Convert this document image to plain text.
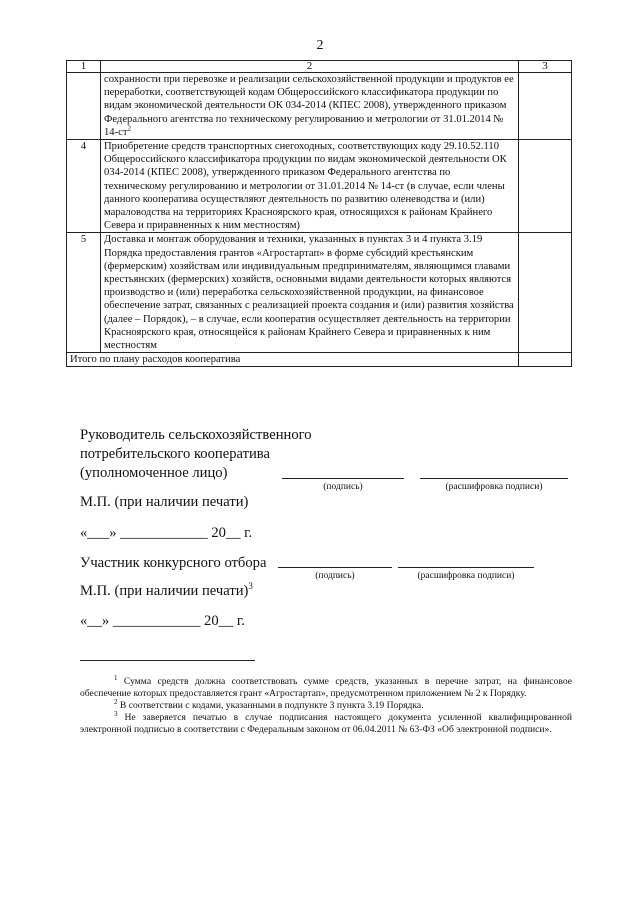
2
1	2	3
	сохранности при перевозке и реализации сельскохозяйственной продукции и продуктов ее переработки, соответствующей кодам Общероссийского классификатора продукции по видам экономической деятельности ОК 034-2014 (КПЕС 2008), утвержденного приказом Федерального агентства по техническому регулированию и метрологии от 31.01.2014 № $14-ст^2$	
4	Приобретение средств транспортных снегоходных, соответствующих коду 29.10.52.110 Общероссийского классификатора продукции по видам экономической деятельности ОК 034-2014 (КПЕС 2008), утвержденного приказом Федерального агентства по техническому регулированию и метрологии от 31.01.2014 № 14-ст (в случае, если члены данного кооператива осуществляют деятельность по развитию оленеводства и (или) мараловодства на территориях Красноярского края, относящихся к районам Крайнего Севера и приравненных к ним местностям)	
5	Доставка и монтаж оборудования и техники, указанных в пунктах 3 и 4 пункта 3.19 Порядка предоставления грантов «Агростартап» в форме субсидий крестьянским (фермерским) хозяйствам или индивидуальным предпринимателям, являющимся главами крестьянских (фермерских) хозяйств, основными видами деятельности которых являются производство и (или) переработка сельскохозяйственной продукции, на финансовое обеспечение затрат, связанных с реализацией проекта создания и (или) развития хозяйства (далее – Порядок), – в случае, если кооператив осуществляет деятельность на территории Красноярского края, относящейся к районам Крайнего Севера и приравненных к ним местностям	
Итого по плану расходов кооператива		
Руководитель сельскохозяйственного
потребительского кооператива
(уполномоченное лицо)
(подпись)	(расшифровка подписи)
М.П. (при наличии печати)
«___» ____________ 20__ г.
Участник конкурсного отбора
(подпись)	(расшифровка подписи)
М.П. (при наличии печати)$^3$
«__» ____________ 20__ г.
$^1$ Сумма средств должна соответствовать сумме средств, указанных в перечне затрат, на финансовое обеспечение которых предоставляется грант «Агростартап», предусмотренном приложением № 2 к Порядку.
$^2$ В соответствии с кодами, указанными в подпункте 3 пункта 3.19 Порядка.
$^3$ Не заверяется печатью в случае подписания настоящего документа усиленной квалифицированной электронной подписью в соответствии с Федеральным законом от 06.04.2011 № 63-ФЗ «Об электронной подписи».
